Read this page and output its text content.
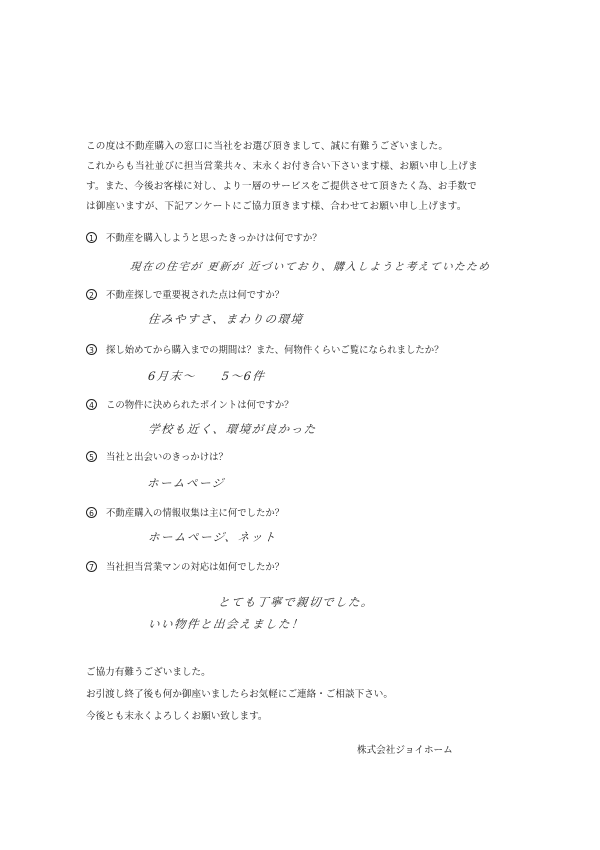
この度は不動産購入の窓口に当社をお選び頂きまして、誠に有難うございました。
これからも当社並びに担当営業共々、末永くお付き合い下さいます様、お願い申し上げま
す。また、今後お客様に対し、より一層のサービスをご提供させて頂きたく為、お手数で
は御座いますが、下記アンケートにご協力頂きます様、合わせてお願い申し上げます。
1	不動産を購入しようと思ったきっかけは何ですか？
現在の住宅が 更新が 近づいており、購入しようと考えていたため
2	不動産探しで重要視された点は何ですか？
住みやすさ、まわりの環境
3	探し始めてから購入までの期間は？また、何物件くらいご覧になられましたか？
6月末～　　5～6件
4	この物件に決められたポイントは何ですか？
学校も近く、環境が良かった
5	当社と出会いのきっかけは？
ホームページ
6	不動産購入の情報収集は主に何でしたか？
ホームページ、ネット
7	当社担当営業マンの対応は如何でしたか？
とても丁寧で親切でした。
いい物件と出会えました！
ご協力有難うございました。
お引渡し終了後も何か御座いましたらお気軽にご連絡・ご相談下さい。
今後とも末永くよろしくお願い致します。
株式会社ジョイホーム
